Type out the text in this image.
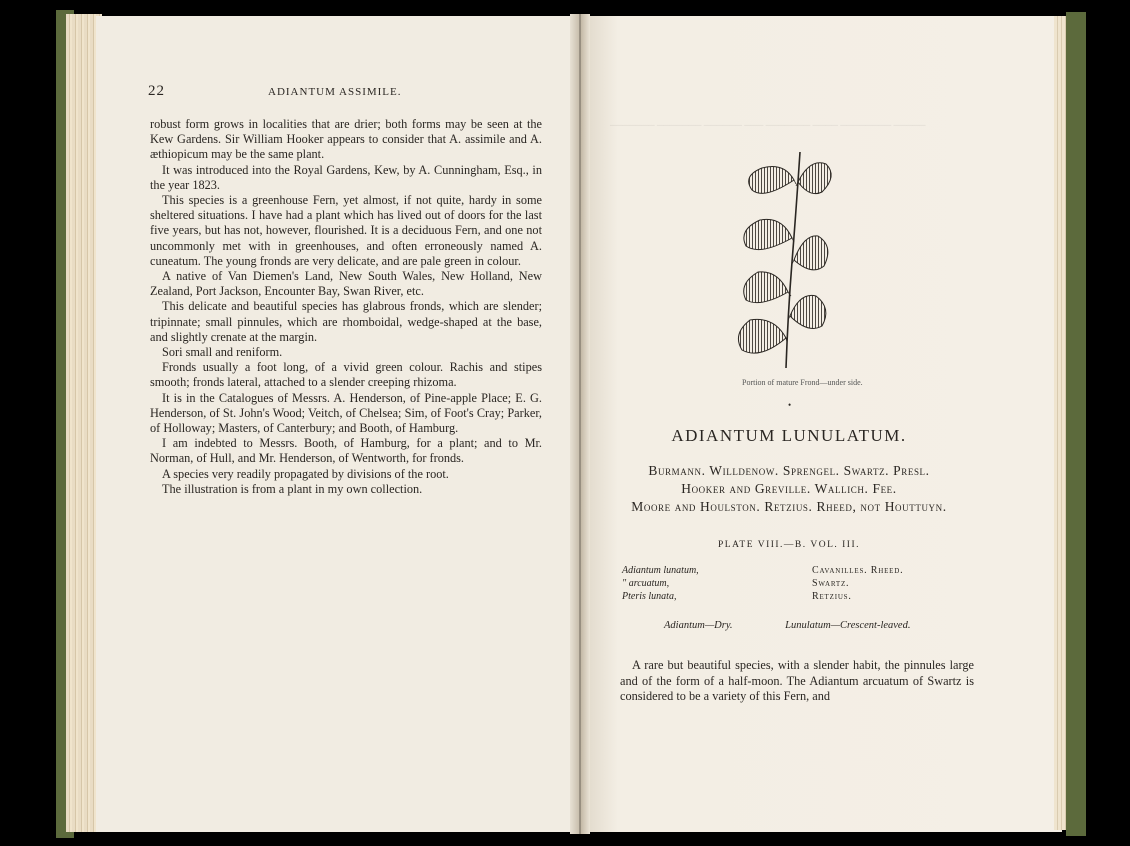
─────── ─────── ────── ─── ─────── ──── ──────── ─────
22	ADIANTUM ASSIMILE.

robust form grows in localities that are drier; both forms may be seen at the Kew Gardens. Sir William Hooker appears to consider that A. assimile and A. æthiopicum may be the same plant.

It was introduced into the Royal Gardens, Kew, by A. Cunningham, Esq., in the year 1823.

This species is a greenhouse Fern, yet almost, if not quite, hardy in some sheltered situations. I have had a plant which has lived out of doors for the last five years, but has not, however, flourished. It is a deciduous Fern, and one not uncommonly met with in greenhouses, and often erroneously named A. cuneatum. The young fronds are very delicate, and are pale green in colour.

A native of Van Diemen's Land, New South Wales, New Holland, New Zealand, Port Jackson, Encounter Bay, Swan River, etc.

This delicate and beautiful species has glabrous fronds, which are slender; tripinnate; small pinnules, which are rhomboidal, wedge-shaped at the base, and slightly crenate at the margin.

Sori small and reniform.

Fronds usually a foot long, of a vivid green colour. Rachis and stipes smooth; fronds lateral, attached to a slender creeping rhizoma.

It is in the Catalogues of Messrs. A. Henderson, of Pine-apple Place; E. G. Henderson, of St. John's Wood; Veitch, of Chelsea; Sim, of Foot's Cray; Parker, of Holloway; Masters, of Canterbury; and Booth, of Hamburg.

I am indebted to Messrs. Booth, of Hamburg, for a plant; and to Mr. Norman, of Hull, and Mr. Henderson, of Wentworth, for fronds.

A species very readily propagated by divisions of the root.

The illustration is from a plant in my own collection.

Portion of mature Frond—under side.
•
ADIANTUM LUNULATUM.
Burmann. Willdenow. Sprengel. Swartz. Presl.
Hooker and Greville. Wallich. Fee.
Moore and Houlston. Retzius. Rheed, not Houttuyn.
PLATE VIII.—B. VOL. III.
Adiantum lunatum,	Cavanilles. Rheed.
" arcuatum,	Swartz.
Pteris lunata,	Retzius.
Adiantum—Dry.	Lunulatum—Crescent-leaved.

A rare but beautiful species, with a slender habit, the pinnules large and of the form of a half-moon. The Adiantum arcuatum of Swartz is considered to be a variety of this Fern, and
